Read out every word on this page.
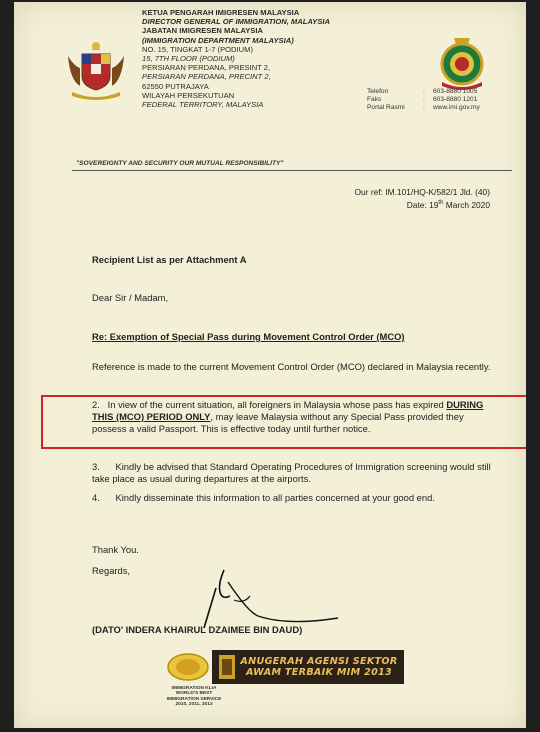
KETUA PENGARAH IMIGRESEN MALAYSIA
DIRECTOR GENERAL OF IMMIGRATION, MALAYSIA
JABATAN IMIGRESEN MALAYSIA
(IMMIGRATION DEPARTMENT MALAYSIA)
NO. 15, TINGKAT 1-7 (PODIUM)
15, 7TH FLOOR (PODIUM)
PERSIARAN PERDANA, PRESINT 2,
PERSIARAN PERDANA, PRECINT 2,
62550 PUTRAJAYA
WILAYAH PERSEKUTUAN
FEDERAL TERRITORY, MALAYSIA
Telefon	:	603-8880 1005
Faks	:	603-8880 1201
Portal Rasmi	:	www.imi.gov.my
"SOVEREIGNTY AND SECURITY OUR MUTUAL RESPONSIBILITY"
Our ref: IM.101/HQ-K/582/1 Jld. (40)
Date: 19th March 2020
Recipient List as per Attachment A
Dear Sir / Madam,
Re: Exemption of Special Pass during Movement Control Order (MCO)
Reference is made to the current Movement Control Order (MCO) declared in Malaysia recently.
2. In view of the current situation, all foreigners in Malaysia whose pass has expired DURING THIS (MCO) PERIOD ONLY, may leave Malaysia without any Special Pass provided they possess a valid Passport. This is effective today until further notice.
3. Kindly be advised that Standard Operating Procedures of Immigration screening would still take place as usual during departures at the airports.
4. Kindly disseminate this information to all parties concerned at your good end.
Thank You.
Regards,
(DATO' INDERA KHAIRUL DZAIMEE BIN DAUD)
ANUGERAH AGENSI SEKTOR
AWAM TERBAIK MIM 2013
IMMIGRATION KLIA
WORLD'S BEST
IMMIGRATION SERVICE
2010, 2011, 2013
